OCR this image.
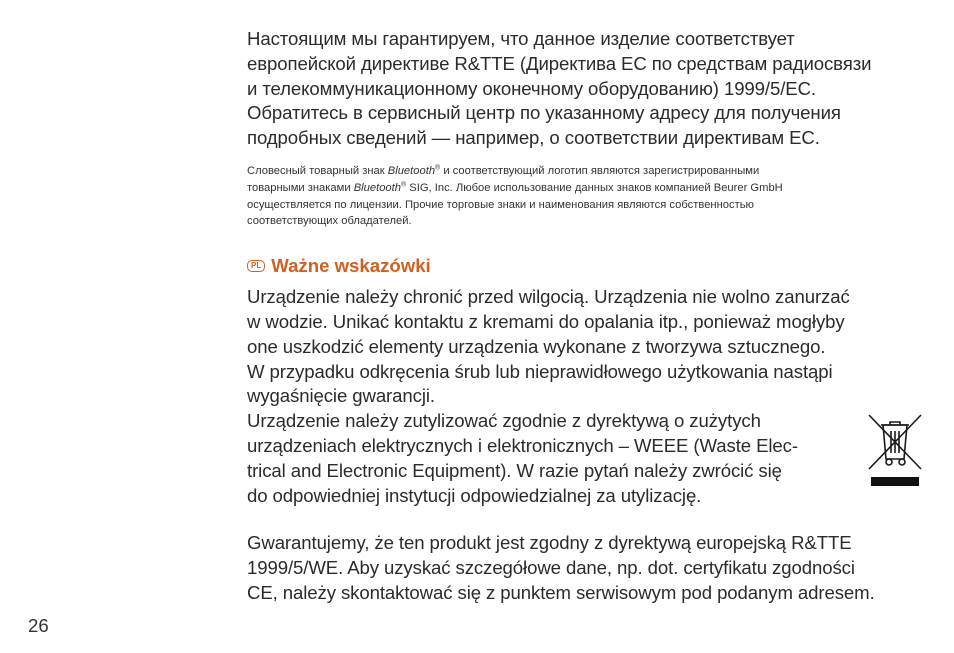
Настоящим мы гарантируем, что данное изделие соответствует
европейской директиве R&TTE (Директива ЕС по средствам радиосвязи
и телекоммуникационному оконечному оборудованию) 1999/5/ЕС.
Обратитесь в сервисный центр по указанному адресу для получения
подробных сведений — например, о соответствии директивам ЕС.

Словесный товарный знак Bluetooth® и соответствующий логотип являются зарегистрированными
товарными знаками Bluetooth® SIG, Inc. Любое использование данных знаков компанией Beurer GmbH
осуществляется по лицензии. Прочие торговые знаки и наименования являются собственностью
соответствующих обладателей.

PL Ważne wskazówki

Urządzenie należy chronić przed wilgocią. Urządzenia nie wolno zanurzać
w wodzie. Unikać kontaktu z kremami do opalania itp., ponieważ mogłyby
one uszkodzić elementy urządzenia wykonane z tworzywa sztucznego.
W przypadku odkręcenia śrub lub nieprawidłowego użytkowania nastąpi
wygaśnięcie gwarancji.

Urządzenie należy zutylizować zgodnie z dyrektywą o zużytych
urządzeniach elektrycznych i elektronicznych – WEEE (Waste Elec-
trical and Electronic Equipment). W razie pytań należy zwrócić się
do odpowiedniej instytucji odpowiedzialnej za utylizację.

Gwarantujemy, że ten produkt jest zgodny z dyrektywą europejską R&TTE
1999/5/WE. Aby uzyskać szczegółowe dane, np. dot. certyfikatu zgodności
CE, należy skontaktować się z punktem serwisowym pod podanym adresem.

26
